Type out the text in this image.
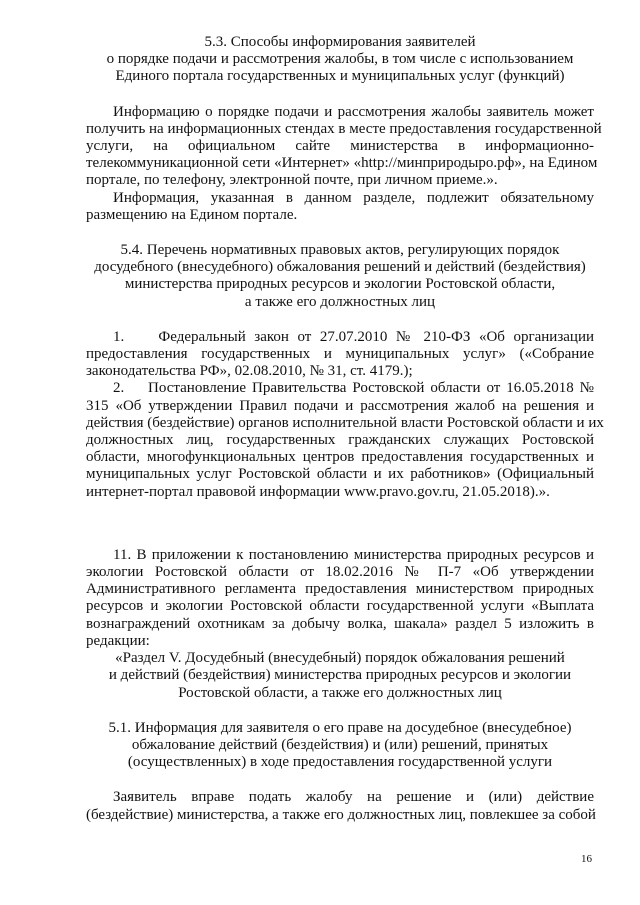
5.3. Способы информирования заявителей
о порядке подачи и рассмотрения жалобы, в том числе с использованием
Единого портала государственных и муниципальных услуг (функций)
Информацию о порядке подачи и рассмотрения жалобы заявитель может
получить на информационных стендах в месте предоставления государственной
услуги, на официальном сайте министерства в информационно-
телекоммуникационной сети «Интернет» «http://минприродыро.рф», на Едином
портале, по телефону, электронной почте, при личном приеме.».
Информация, указанная в данном разделе, подлежит обязательному
размещению на Едином портале.
5.4. Перечень нормативных правовых актов, регулирующих порядок
досудебного (внесудебного) обжалования решений и действий (бездействия)
министерства природных ресурсов и экологии Ростовской области,
а также его должностных лиц
1.    Федеральный закон от 27.07.2010 № 210-ФЗ «Об организации
предоставления государственных и муниципальных услуг» («Собрание
законодательства РФ», 02.08.2010, № 31, ст. 4179.);
2.    Постановление Правительства Ростовской области от 16.05.2018 №
315 «Об утверждении Правил подачи и рассмотрения жалоб на решения и
действия (бездействие) органов исполнительной власти Ростовской области и их
должностных лиц, государственных гражданских служащих Ростовской
области, многофункциональных центров предоставления государственных и
муниципальных услуг Ростовской области и их работников» (Официальный
интернет-портал правовой информации www.pravo.gov.ru, 21.05.2018).».
11. В приложении к постановлению министерства природных ресурсов и
экологии Ростовской области от 18.02.2016 № П-7 «Об утверждении
Административного регламента предоставления министерством природных
ресурсов и экологии Ростовской области государственной услуги «Выплата
вознаграждений охотникам за добычу волка, шакала» раздел 5 изложить в
редакции:
«Раздел V. Досудебный (внесудебный) порядок обжалования решений
и действий (бездействия) министерства природных ресурсов и экологии
Ростовской области, а также его должностных лиц
5.1. Информация для заявителя о его праве на досудебное (внесудебное)
обжалование действий (бездействия) и (или) решений, принятых
(осуществленных) в ходе предоставления государственной услуги
Заявитель вправе подать жалобу на решение и (или) действие
(бездействие) министерства, а также его должностных лиц, повлекшее за собой
16
